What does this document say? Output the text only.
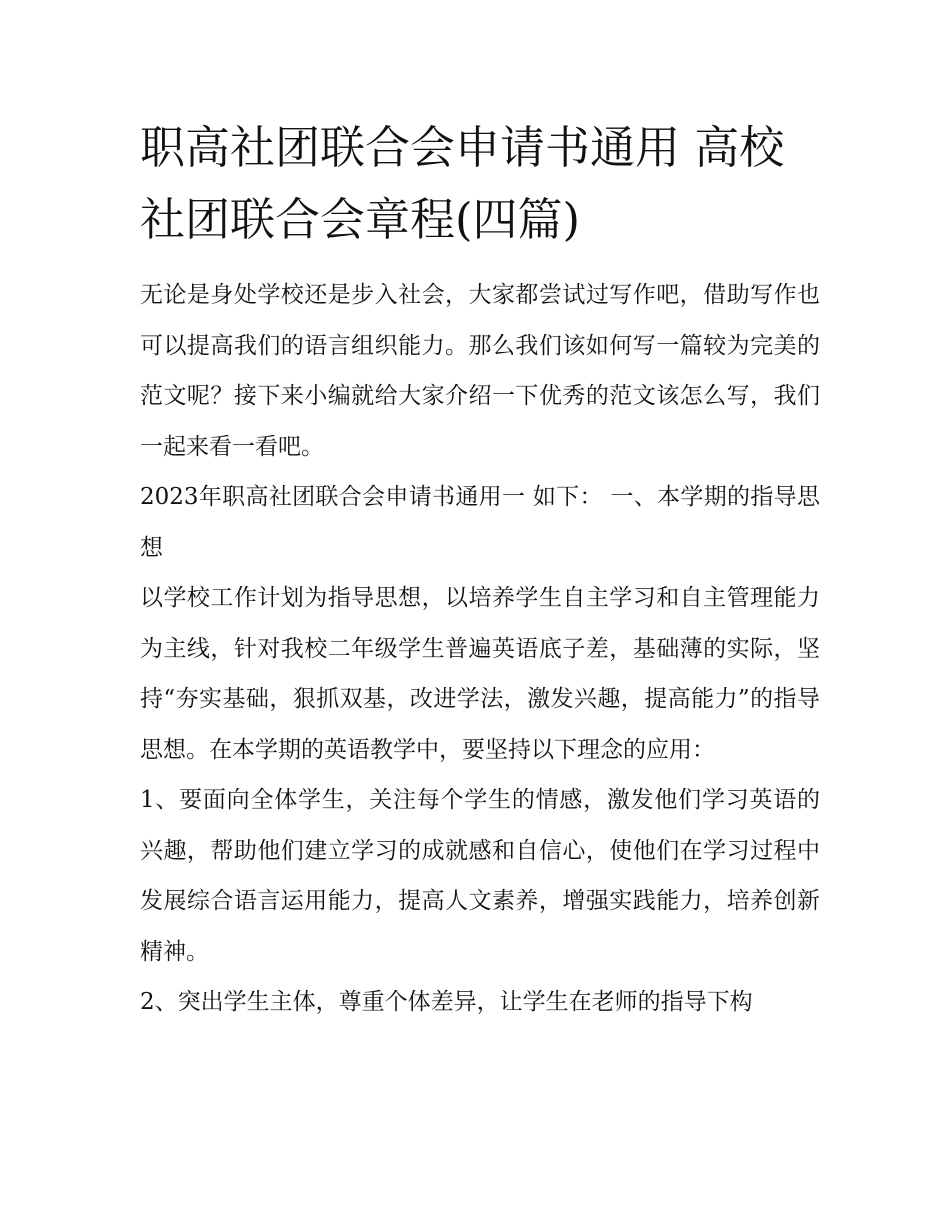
职高社团联合会申请书通用 高校社团联合会章程(四篇)

无论是身处学校还是步入社会，大家都尝试过写作吧，借助写作也可以提高我们的语言组织能力。那么我们该如何写一篇较为完美的范文呢？接下来小编就给大家介绍一下优秀的范文该怎么写，我们一起来看一看吧。

2023年职高社团联合会申请书通用一 如下： 一、本学期的指导思想

以学校工作计划为指导思想，以培养学生自主学习和自主管理能力为主线，针对我校二年级学生普遍英语底子差，基础薄的实际，坚持“夯实基础，狠抓双基，改进学法，激发兴趣，提高能力”的指导思想。在本学期的英语教学中，要坚持以下理念的应用：

1、要面向全体学生，关注每个学生的情感，激发他们学习英语的兴趣，帮助他们建立学习的成就感和自信心，使他们在学习过程中发展综合语言运用能力，提高人文素养，增强实践能力，培养创新精神。

2、突出学生主体，尊重个体差异，让学生在老师的指导下构
